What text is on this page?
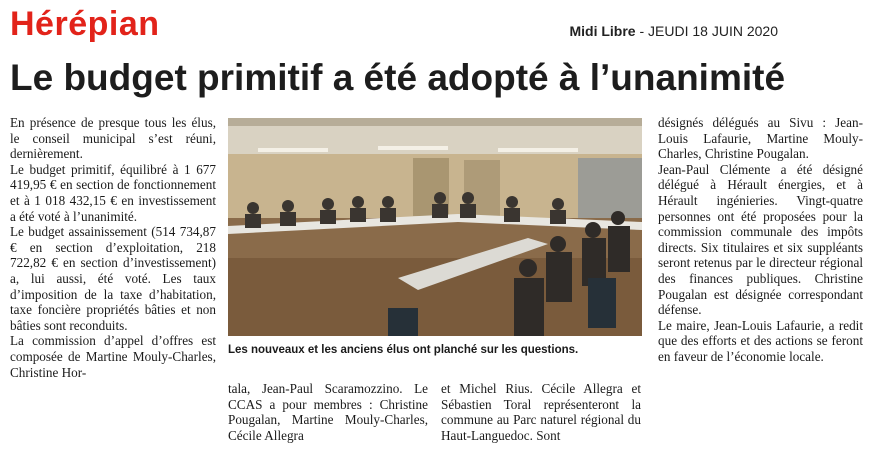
Hérépian	Midi Libre - JEUDI 18 JUIN 2020
Le budget primitif a été adopté à l’unanimité

En présence de presque tous les élus, le conseil municipal s’est réuni, dernièrement.

Le budget primitif, équilibré à 1 677 419,95 € en section de fonctionnement et à 1 018 432,15 € en investissement a été voté à l’unanimité.

Le budget assainissement (514 734,87 € en section d’exploitation, 218 722,82 € en section d’investissement) a, lui aussi, été voté. Les taux d’imposition de la taxe d’habitation, taxe foncière propriétés bâties et non bâties sont reconduits.

La commission d’appel d’offres est composée de Martine Mouly-Charles, Christine Hor-

Les nouveaux et les anciens élus ont planché sur les questions.

tala, Jean-Paul Scaramozzino. Le CCAS a pour membres : Christine Pougalan, Martine Mouly-Charles, Cécile Allegra

et Michel Rius. Cécile Allegra et Sébastien Toral représenteront la commune au Parc naturel régional du Haut-Languedoc. Sont

désignés délégués au Sivu : Jean-Louis Lafaurie, Martine Mouly-Charles, Christine Pougalan.

Jean-Paul Clémente a été désigné délégué à Hérault énergies, et à Hérault ingénieries. Vingt-quatre personnes ont été proposées pour la commission communale des impôts directs. Six titulaires et six suppléants seront retenus par le directeur régional des finances publiques. Christine Pougalan est désignée correspondant défense.

Le maire, Jean-Louis Lafaurie, a redit que des efforts et des actions se feront en faveur de l’économie locale.
